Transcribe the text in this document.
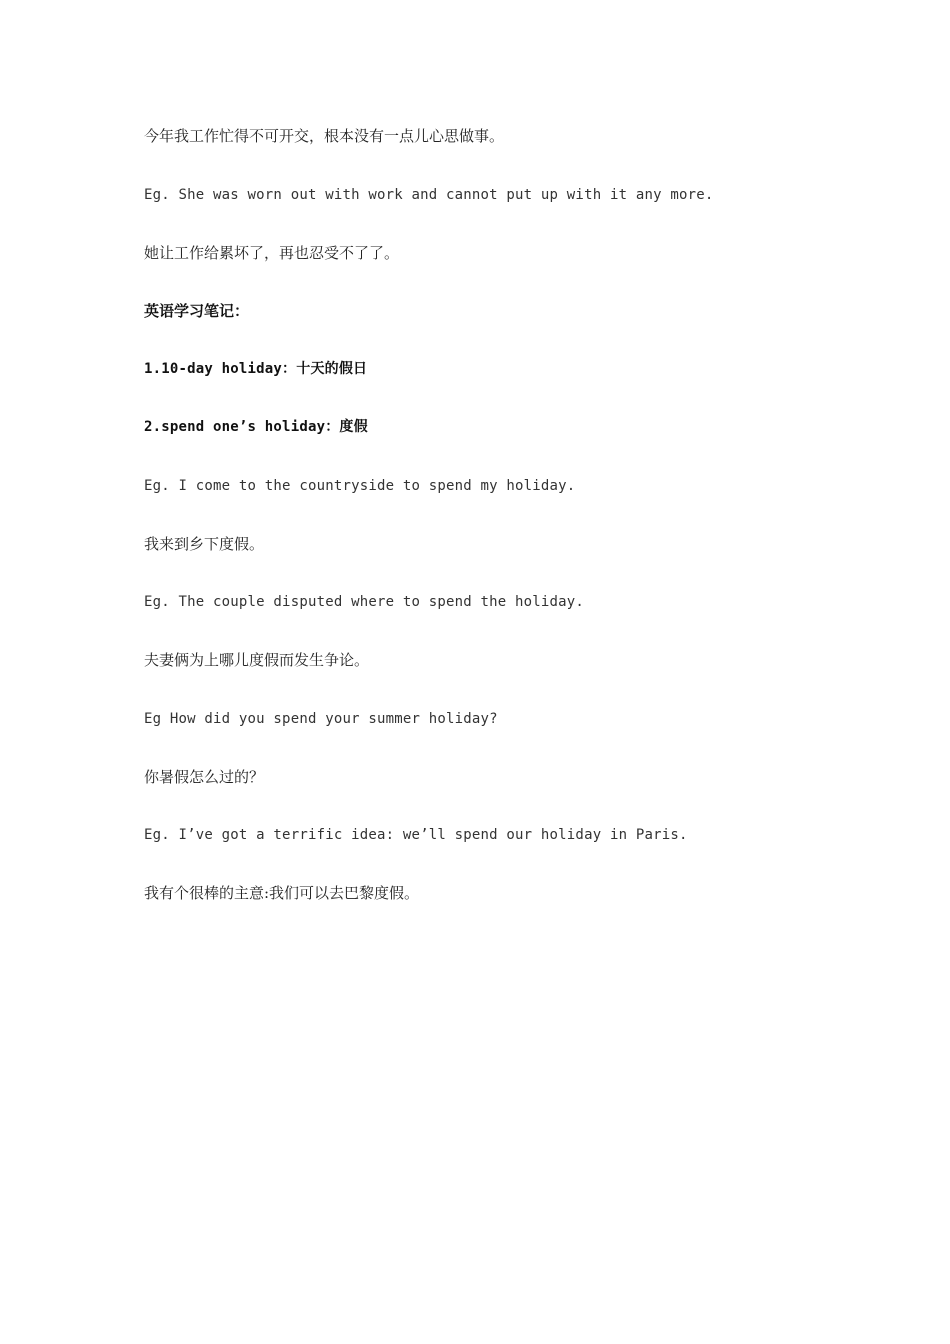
今年我工作忙得不可开交，根本没有一点儿心思做事。

Eg. She was worn out with work and cannot put up with it any more.

她让工作给累坏了，再也忍受不了了。

英语学习笔记：

1.10-day holiday：十天的假日

2.spend one’s holiday：度假

Eg. I come to the countryside to spend my holiday.

我来到乡下度假。

Eg. The couple disputed where to spend the holiday.

夫妻俩为上哪儿度假而发生争论。

Eg How did you spend your summer holiday?

你暑假怎么过的？

Eg. I’ve got a terrific idea: we’ll spend our holiday in Paris.

我有个很棒的主意:我们可以去巴黎度假。
